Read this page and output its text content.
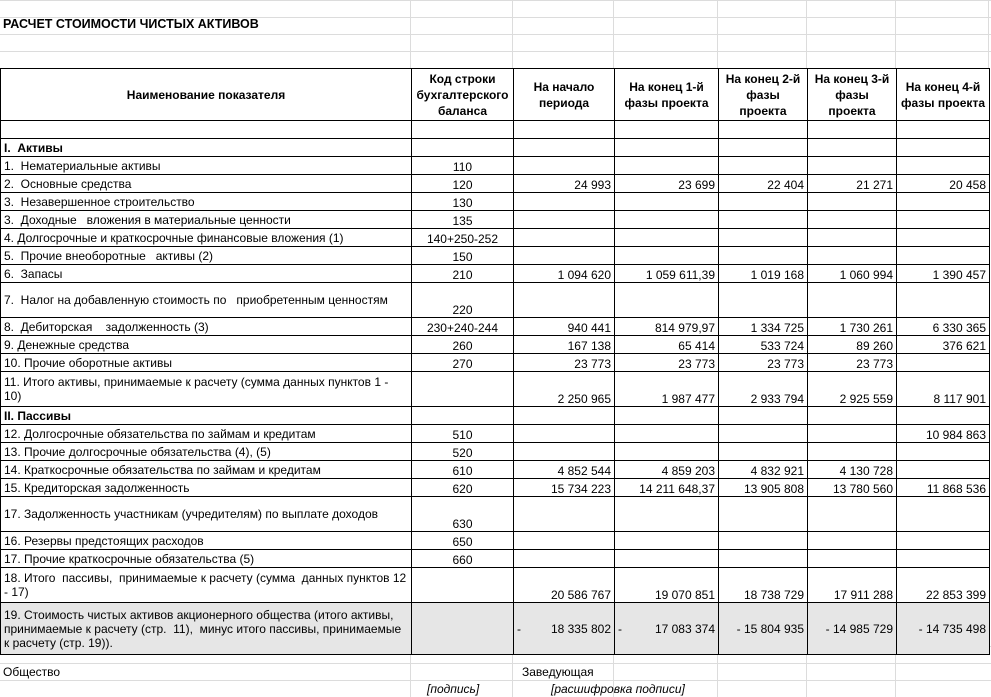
РАСЧЕТ СТОИМОСТИ ЧИСТЫХ АКТИВОВ
Наименование показателя	Код строки бухгалтерского баланса	На начало периода	На конец 1-й фазы проекта	На конец 2-й фазы проекта	На конец 3-й фазы проекта	На конец 4-й фазы проекта

I.  Активы						
1.  Нематериальные активы	110					
2.  Основные средства	120	24 993	23 699	22 404	21 271	20 458
3.  Незавершенное строительство	130					
3.  Доходные   вложения в материальные ценности	135					
4. Долгосрочные и краткосрочные финансовые вложения (1)	140+250-252					
5.  Прочие внеоборотные   активы (2)	150					
6.  Запасы	210	1 094 620	1 059 611,39	1 019 168	1 060 994	1 390 457
7.  Налог на добавленную стоимость по   приобретенным ценностям	220					
8.  Дебиторская    задолженность (3)	230+240-244	940 441	814 979,97	1 334 725	1 730 261	6 330 365
9. Денежные средства	260	167 138	65 414	533 724	89 260	376 621
10. Прочие оборотные активы	270	23 773	23 773	23 773	23 773	
11. Итого активы, принимаемые к расчету (сумма данных пунктов 1 - 10)		2 250 965	1 987 477	2 933 794	2 925 559	8 117 901
II. Пассивы						
12. Долгосрочные обязательства по займам и кредитам	510					10 984 863
13. Прочие долгосрочные обязательства (4), (5)	520					
14. Краткосрочные обязательства по займам и кредитам	610	4 852 544	4 859 203	4 832 921	4 130 728	
15. Кредиторская задолженность	620	15 734 223	14 211 648,37	13 905 808	13 780 560	11 868 536
17. Задолженность участникам (учредителям) по выплате доходов	630					
16. Резервы предстоящих расходов	650					
17. Прочие краткосрочные обязательства (5)	660					
18. Итого  пассивы,  принимаемые к расчету (сумма  данных пунктов 12 - 17)		20 586 767	19 070 851	18 738 729	17 911 288	22 853 399
19. Стоимость чистых активов акционерного общества (итого активы, принимаемые к расчету (стр.  11),  минус итого пассивы, принимаемые к расчету (стр. 19)).		- 18 335 802	- 17 083 374	- 15 804 935	- 14 985 729	- 14 735 498
Общество	Заведующая
[подпись]	[расшифровка подписи]
